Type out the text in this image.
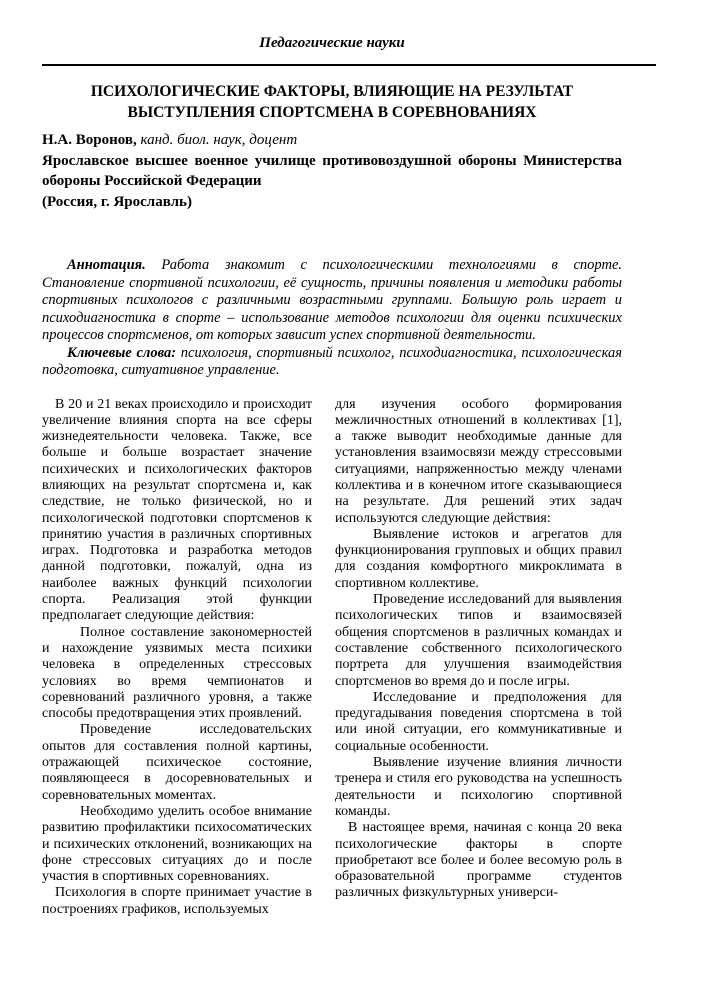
Педагогические науки
ПСИХОЛОГИЧЕСКИЕ ФАКТОРЫ, ВЛИЯЮЩИЕ НА РЕЗУЛЬТАТ
ВЫСТУПЛЕНИЯ СПОРТСМЕНА В СОРЕВНОВАНИЯХ

Н.А. Воронов, канд. биол. наук, доцент

Ярославское высшее военное училище противовоздушной обороны Министерства обороны Российской Федерации

(Россия, г. Ярославль)

Аннотация. Работа знакомит с психологическими технологиями в спорте. Становление спортивной психологии, её сущность, причины появления и методики работы спортивных психологов с различными возрастными группами. Большую роль играет и психодиагностика в спорте – использование методов психологии для оценки психических процессов спортсменов, от которых зависит успех спортивной деятельности.

Ключевые слова: психология, спортивный психолог, психодиагностика, психологическая подготовка, ситуативное управление.

В 20 и 21 веках происходило и происходит увеличение влияния спорта на все сферы жизнедеятельности человека. Также, все больше и больше возрастает значение психических и психологических факторов влияющих на результат спортсмена и, как следствие, не только физической, но и психологической подготовки спортсменов к принятию участия в различных спортивных играх. Подготовка и разработка методов данной подготовки, пожалуй, одна из наиболее важных функций психологии спорта. Реализация этой функции предполагает следующие действия:

Полное составление закономерностей и нахождение уязвимых места психики человека в определенных стрессовых условиях во время чемпионатов и соревнований различного уровня, а также способы предотвращения этих проявлений.

Проведение исследовательских опытов для составления полной картины, отражающей психическое состояние, появляющееся в досоревновательных и соревновательных моментах.

Необходимо уделить особое внимание развитию профилактики психосоматических и психических отклонений, возникающих на фоне стрессовых ситуациях до и после участия в спортивных соревнованиях.

Психология в спорте принимает участие в построениях графиков, используемых

для изучения особого формирования межличностных отношений в коллективах [1], а также выводит необходимые данные для установления взаимосвязи между стрессовыми ситуациями, напряженностью между членами коллектива и в конечном итоге сказывающиеся на результате. Для решений этих задач используются следующие действия:

Выявление истоков и агрегатов для функционирования групповых и общих правил для создания комфортного микроклимата в спортивном коллективе.

Проведение исследований для выявления психологических типов и взаимосвязей общения спортсменов в различных командах и составление собственного психологического портрета для улучшения взаимодействия спортсменов во время до и после игры.

Исследование и предположения для предугадывания поведения спортсмена в той или иной ситуации, его коммуникативные и социальные особенности.

Выявление изучение влияния личности тренера и стиля его руководства на успешность деятельности и психологию спортивной команды.

В настоящее время, начиная с конца 20 века психологические факторы в спорте приобретают все более и более весомую роль в образовательной программе студентов различных физкультурных универси-
